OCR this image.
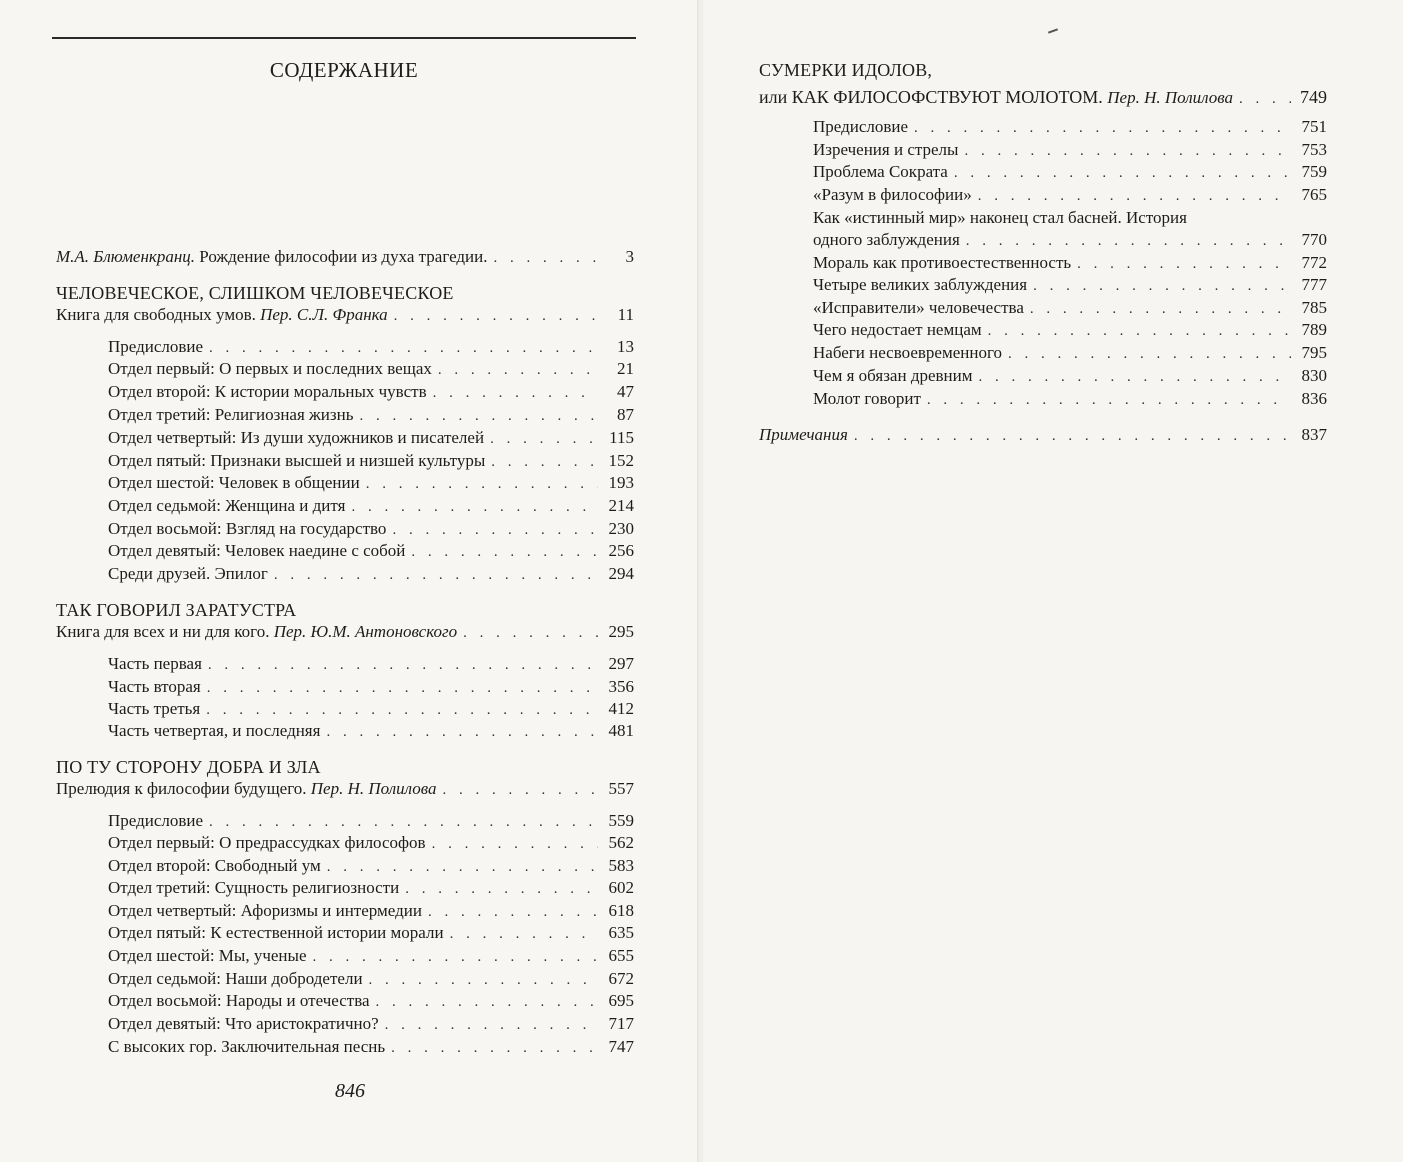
СОДЕРЖАНИЕ
М.А. Блюменкранц. Рождение философии из духа трагедии. . . .	3
ЧЕЛОВЕЧЕСКОЕ, СЛИШКОМ ЧЕЛОВЕЧЕСКОЕ
Книга для свободных умов. Пер. С.Л. Франка . . .	11
Предисловие . . .	13
Отдел первый: О первых и последних вещах . . .	21
Отдел второй: К истории моральных чувств . . .	47
Отдел третий: Религиозная жизнь . . .	87
Отдел четвертый: Из души художников и писателей . . .	115
Отдел пятый: Признаки высшей и низшей культуры . . .	152
Отдел шестой: Человек в общении . . .	193
Отдел седьмой: Женщина и дитя . . .	214
Отдел восьмой: Взгляд на государство . . .	230
Отдел девятый: Человек наедине с собой . . .	256
Среди друзей. Эпилог . . .	294
ТАК ГОВОРИЛ ЗАРАТУСТРА
Книга для всех и ни для кого. Пер. Ю.М. Антоновского . . .	295
Часть первая . . .	297
Часть вторая . . .	356
Часть третья . . .	412
Часть четвертая, и последняя . . .	481
ПО ТУ СТОРОНУ ДОБРА И ЗЛА
Прелюдия к философии будущего. Пер. Н. Полилова . . .	557
Предисловие . . .	559
Отдел первый: О предрассудках философов . . .	562
Отдел второй: Свободный ум . . .	583
Отдел третий: Сущность религиозности . . .	602
Отдел четвертый: Афоризмы и интермедии . . .	618
Отдел пятый: К естественной истории морали . . .	635
Отдел шестой: Мы, ученые . . .	655
Отдел седьмой: Наши добродетели . . .	672
Отдел восьмой: Народы и отечества . . .	695
Отдел девятый: Что аристократично? . . .	717
С высоких гор. Заключительная песнь . . .	747
846
СУМЕРКИ ИДОЛОВ,
или КАК ФИЛОСОФСТВУЮТ МОЛОТОМ. Пер. Н. Полилова . . .	749
Предисловие . . .	751
Изречения и стрелы . . .	753
Проблема Сократа . . .	759
«Разум в философии» . . .	765
Как «истинный мир» наконец стал басней. История
одного заблуждения . . .	770
Мораль как противоестественность . . .	772
Четыре великих заблуждения . . .	777
«Исправители» человечества . . .	785
Чего недостает немцам . . .	789
Набеги несвоевременного . . .	795
Чем я обязан древним . . .	830
Молот говорит . . .	836
Примечания . . .	837
